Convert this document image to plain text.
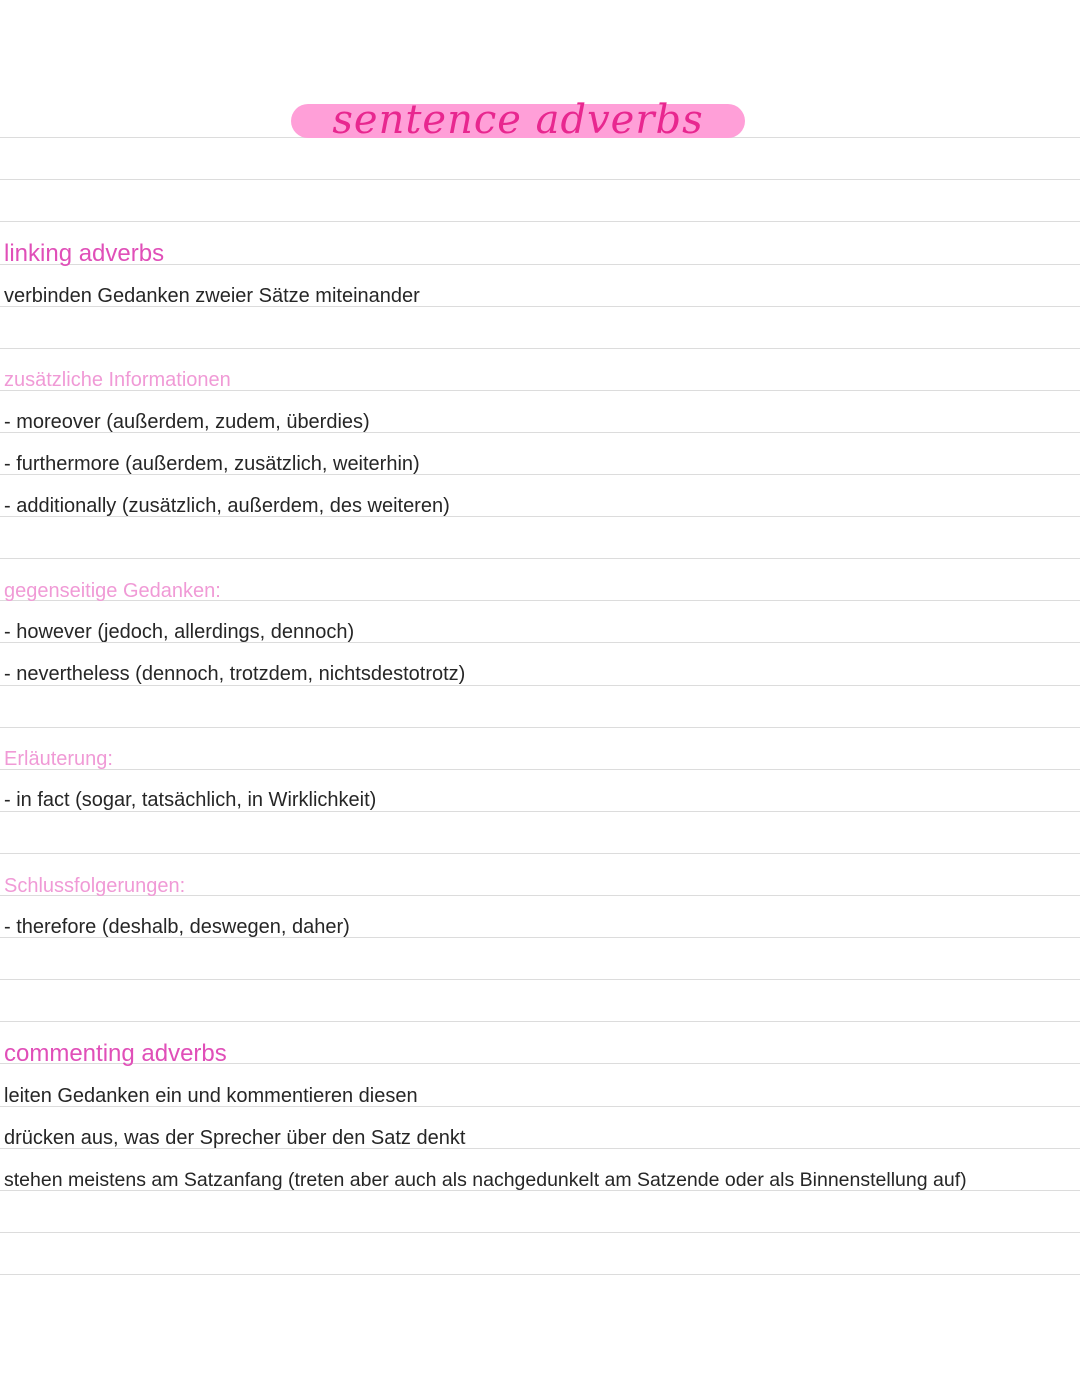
sentence adverbs
linking adverbs
verbinden Gedanken zweier Sätze miteinander
zusätzliche Informationen
- moreover (außerdem, zudem, überdies)
- furthermore (außerdem, zusätzlich, weiterhin)
- additionally (zusätzlich, außerdem, des weiteren)
gegenseitige Gedanken:
- however (jedoch, allerdings, dennoch)
- nevertheless (dennoch, trotzdem, nichtsdestotrotz)
Erläuterung:
- in fact (sogar, tatsächlich, in Wirklichkeit)
Schlussfolgerungen:
- therefore (deshalb, deswegen, daher)
commenting adverbs
leiten Gedanken ein und kommentieren diesen
drücken aus, was der Sprecher über den Satz denkt
stehen meistens am Satzanfang (treten aber auch als nachgedunkelt am Satzende oder als Binnenstellung auf)
